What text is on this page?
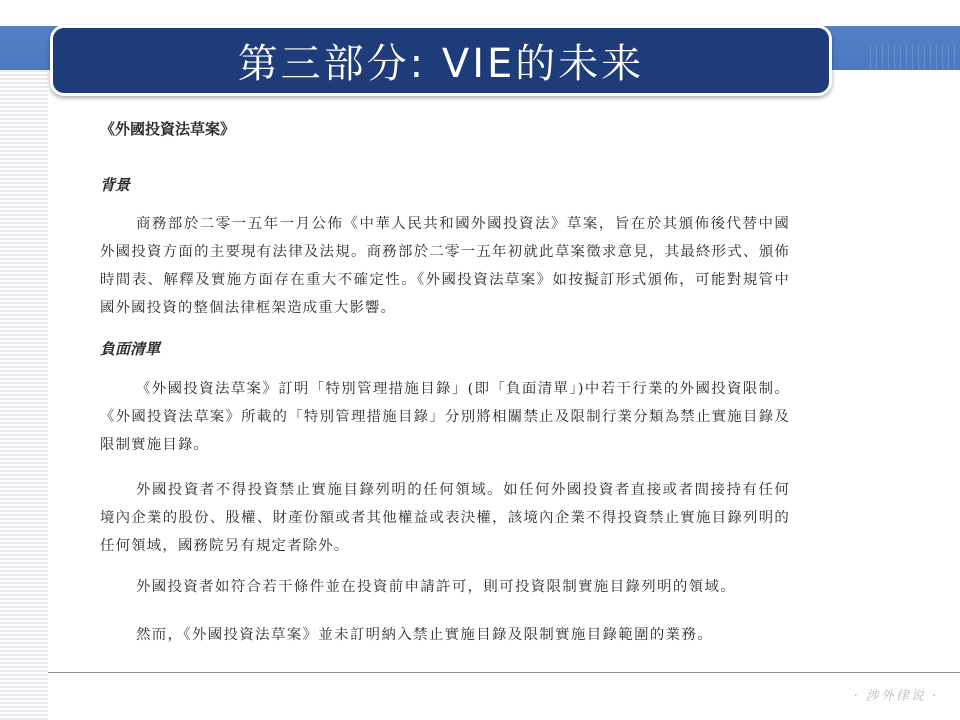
第三部分: VIE的未来
《外國投資法草案》
背景
商務部於二零一五年一月公佈《中華人民共和國外國投資法》草案，旨在於其頒佈後代替中國外國投資方面的主要現有法律及法規。商務部於二零一五年初就此草案徵求意見，其最終形式、頒佈時間表、解釋及實施方面存在重大不確定性。《外國投資法草案》如按擬訂形式頒佈，可能對規管中國外國投資的整個法律框架造成重大影響。
負面清單
《外國投資法草案》訂明「特別管理措施目錄」(即「負面清單」)中若干行業的外國投資限制。《外國投資法草案》所載的「特別管理措施目錄」分別將相關禁止及限制行業分類為禁止實施目錄及限制實施目錄。
外國投資者不得投資禁止實施目錄列明的任何領域。如任何外國投資者直接或者間接持有任何境內企業的股份、股權、財產份額或者其他權益或表決權，該境內企業不得投資禁止實施目錄列明的任何領域，國務院另有規定者除外。
外國投資者如符合若干條件並在投資前申請許可，則可投資限制實施目錄列明的領域。
然而，《外國投資法草案》並未訂明納入禁止實施目錄及限制實施目錄範圍的業務。
· 涉外律说 ·
